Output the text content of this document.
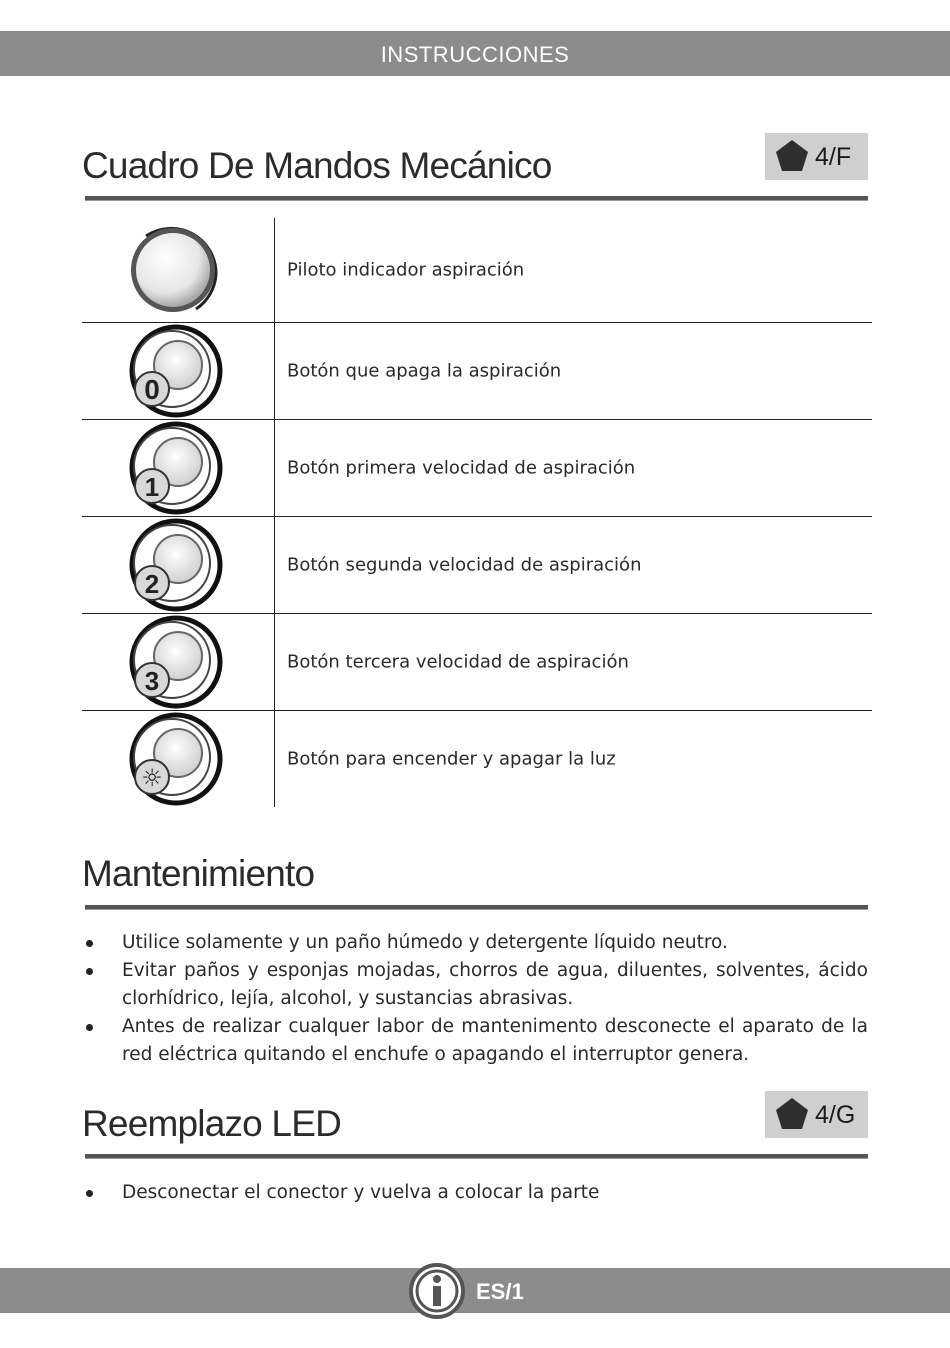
INSTRUCCIONES
Cuadro De Mandos Mecánico	4/F
Piloto indicador aspiración
0
Botón que apaga la aspiración
1
Botón primera velocidad de aspiración
2
Botón segunda velocidad de aspiración
3
Botón tercera velocidad de aspiración
☼
Botón para encender y apagar la luz
Mantenimiento
Utilice solamente y un paño húmedo y detergente líquido neutro.
Evitar paños y esponjas mojadas, chorros de agua, diluentes, solventes, ácido clorhídrico, lejía, alcohol, y sustancias abrasivas.
Antes de realizar cualquer labor de mantenimento desconecte el aparato de la red eléctrica quitando el enchufe o apagando el interruptor genera.
Reemplazo LED	4/G
Desconectar el conector y vuelva a colocar la parte
ES/1
